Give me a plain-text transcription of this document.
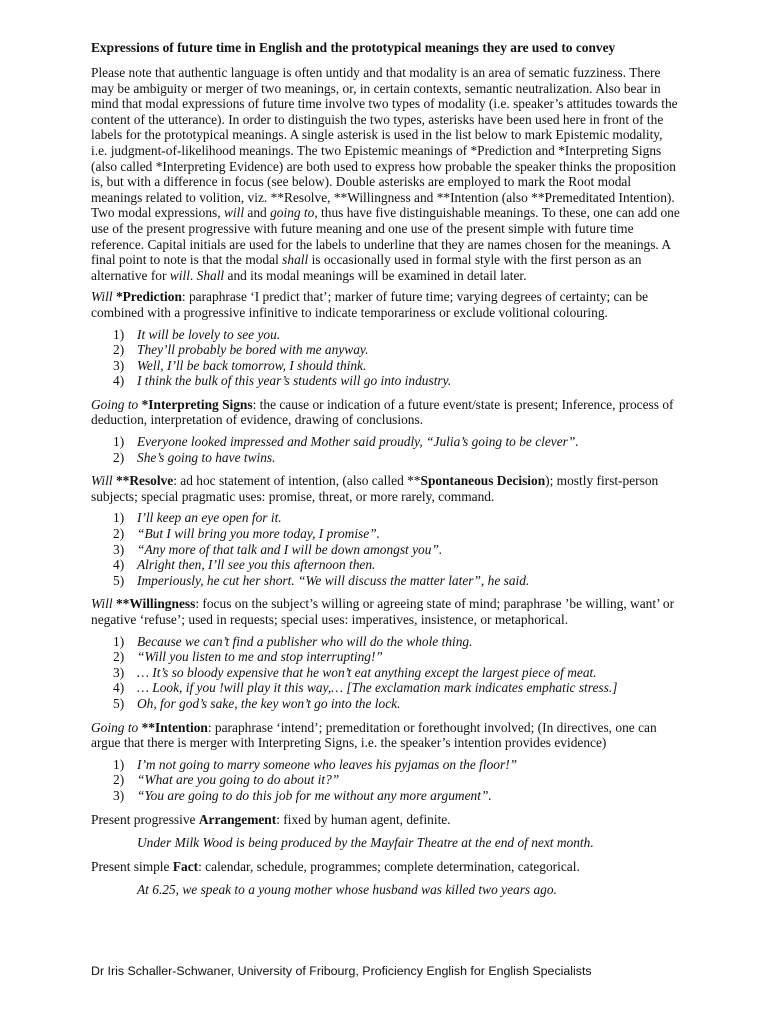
Expressions of future time in English and the prototypical meanings they are used to convey

Please note that authentic language is often untidy and that modality is an area of sematic fuzziness. There may be ambiguity or merger of two meanings, or, in certain contexts, semantic neutralization. Also bear in mind that modal expressions of future time involve two types of modality (i.e. speaker’s attitudes towards the content of the utterance). In order to distinguish the two types, asterisks have been used here in front of the labels for the prototypical meanings. A single asterisk is used in the list below to mark Epistemic modality, i.e. judgment-of-likelihood meanings. The two Epistemic meanings of *Prediction and *Interpreting Signs (also called *Interpreting Evidence) are both used to express how probable the speaker thinks the proposition is, but with a difference in focus (see below). Double asterisks are employed to mark the Root modal meanings related to volition, viz. **Resolve, **Willingness and **Intention (also **Premeditated Intention). Two modal expressions, will and going to, thus have five distinguishable meanings. To these, one can add one use of the present progressive with future meaning and one use of the present simple with future time reference. Capital initials are used for the labels to underline that they are names chosen for the meanings. A final point to note is that the modal shall is occasionally used in formal style with the first person as an alternative for will. Shall and its modal meanings will be examined in detail later.

Will *Prediction: paraphrase ‘I predict that’; marker of future time; varying degrees of certainty; can be combined with a progressive infinitive to indicate temporariness or exclude volitional colouring.

1) It will be lovely to see you.
2) They’ll probably be bored with me anyway.
3) Well, I’ll be back tomorrow, I should think.
4) I think the bulk of this year’s students will go into industry.

Going to *Interpreting Signs: the cause or indication of a future event/state is present; Inference, process of deduction, interpretation of evidence, drawing of conclusions.

1) Everyone looked impressed and Mother said proudly, “Julia’s going to be clever”.
2) She’s going to have twins.

Will **Resolve: ad hoc statement of intention, (also called **Spontaneous Decision); mostly first-person subjects; special pragmatic uses: promise, threat, or more rarely, command.

1) I’ll keep an eye open for it.
2) “But I will bring you more today, I promise”.
3) “Any more of that talk and I will be down amongst you”.
4) Alright then, I’ll see you this afternoon then.
5) Imperiously, he cut her short. “We will discuss the matter later”, he said.

Will **Willingness: focus on the subject’s willing or agreeing state of mind; paraphrase ’be willing, want’ or negative ‘refuse’; used in requests; special uses: imperatives, insistence, or metaphorical.

1) Because we can’t find a publisher who will do the whole thing.
2) “Will you listen to me and stop interrupting!”
3) … It’s so bloody expensive that he won’t eat anything except the largest piece of meat.
4) … Look, if you !will play it this way,… [The exclamation mark indicates emphatic stress.]
5) Oh, for god’s sake, the key won’t go into the lock.

Going to **Intention: paraphrase ‘intend’; premeditation or forethought involved; (In directives, one can argue that there is merger with Interpreting Signs, i.e. the speaker’s intention provides evidence)

1) I’m not going to marry someone who leaves his pyjamas on the floor!”
2) “What are you going to do about it?”
3) “You are going to do this job for me without any more argument”.

Present progressive Arrangement: fixed by human agent, definite.

Under Milk Wood is being produced by the Mayfair Theatre at the end of next month.

Present simple Fact: calendar, schedule, programmes; complete determination, categorical.

At 6.25, we speak to a young mother whose husband was killed two years ago.

Dr Iris Schaller-Schwaner, University of Fribourg, Proficiency English for English Specialists
